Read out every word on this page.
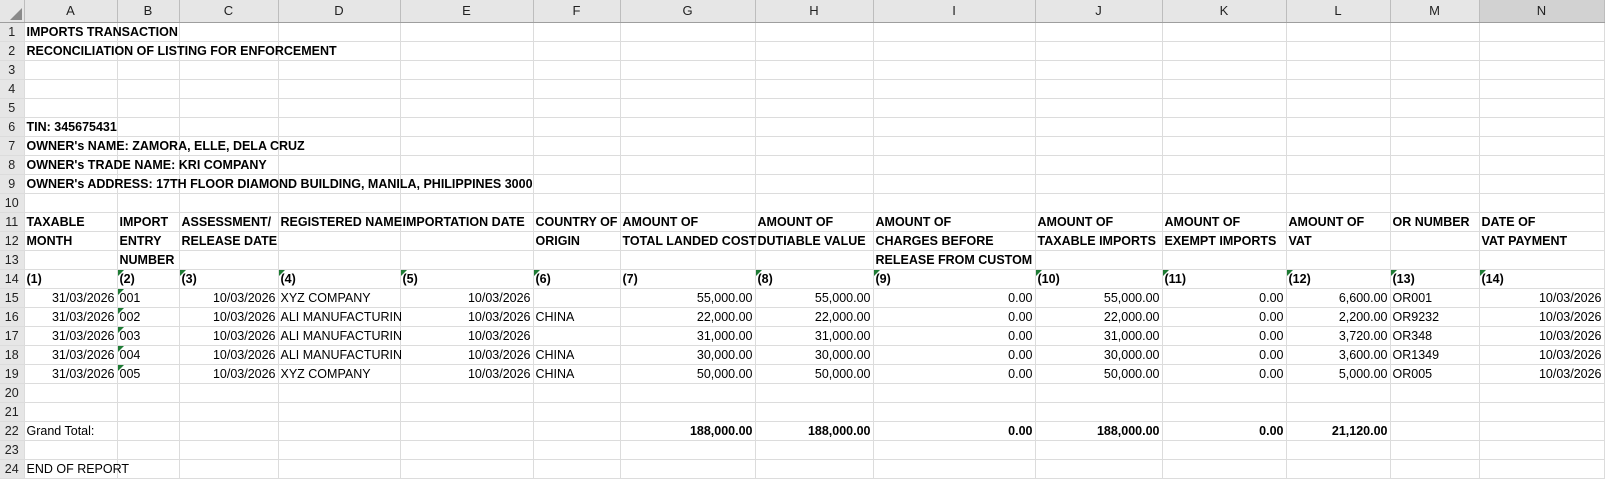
	A	B	C	D	E	F	G	H	I	J	K	L	M	N
1	IMPORTS TRANSACTION													
2	RECONCILIATION OF LISTING FOR ENFORCEMENT													
3														
4														
5														
6	TIN: 345675431													
7	OWNER's NAME: ZAMORA, ELLE, DELA CRUZ													
8	OWNER's TRADE NAME: KRI COMPANY													
9	OWNER's ADDRESS: 17TH FLOOR DIAMOND BUILDING, MANILA, PHILIPPINES 3000													
10														
11	TAXABLE	IMPORT	ASSESSMENT/	REGISTERED NAME	IMPORTATION DATE	COUNTRY OF	AMOUNT OF	AMOUNT OF	AMOUNT OF	AMOUNT OF	AMOUNT OF	AMOUNT OF	OR NUMBER	DATE OF
12	MONTH	ENTRY	RELEASE DATE			ORIGIN	TOTAL LANDED COST	DUTIABLE VALUE	CHARGES BEFORE	TAXABLE IMPORTS	EXEMPT IMPORTS	VAT		VAT PAYMENT
13		NUMBER							RELEASE FROM CUSTOM					
14	(1)	(2)	(3)	(4)	(5)	(6)	(7)	(8)	(9)	(10)	(11)	(12)	(13)	(14)
15	31/03/2026	001	10/03/2026	XYZ COMPANY	10/03/2026		55,000.00	55,000.00	0.00	55,000.00	0.00	6,600.00	OR001	10/03/2026
16	31/03/2026	002	10/03/2026	ALI MANUFACTURIN	10/03/2026	CHINA	22,000.00	22,000.00	0.00	22,000.00	0.00	2,200.00	OR9232	10/03/2026
17	31/03/2026	003	10/03/2026	ALI MANUFACTURIN	10/03/2026		31,000.00	31,000.00	0.00	31,000.00	0.00	3,720.00	OR348	10/03/2026
18	31/03/2026	004	10/03/2026	ALI MANUFACTURIN	10/03/2026	CHINA	30,000.00	30,000.00	0.00	30,000.00	0.00	3,600.00	OR1349	10/03/2026
19	31/03/2026	005	10/03/2026	XYZ COMPANY	10/03/2026	CHINA	50,000.00	50,000.00	0.00	50,000.00	0.00	5,000.00	OR005	10/03/2026
20														
21														
22	Grand Total:						188,000.00	188,000.00	0.00	188,000.00	0.00	21,120.00		
23														
24	END OF REPORT													
